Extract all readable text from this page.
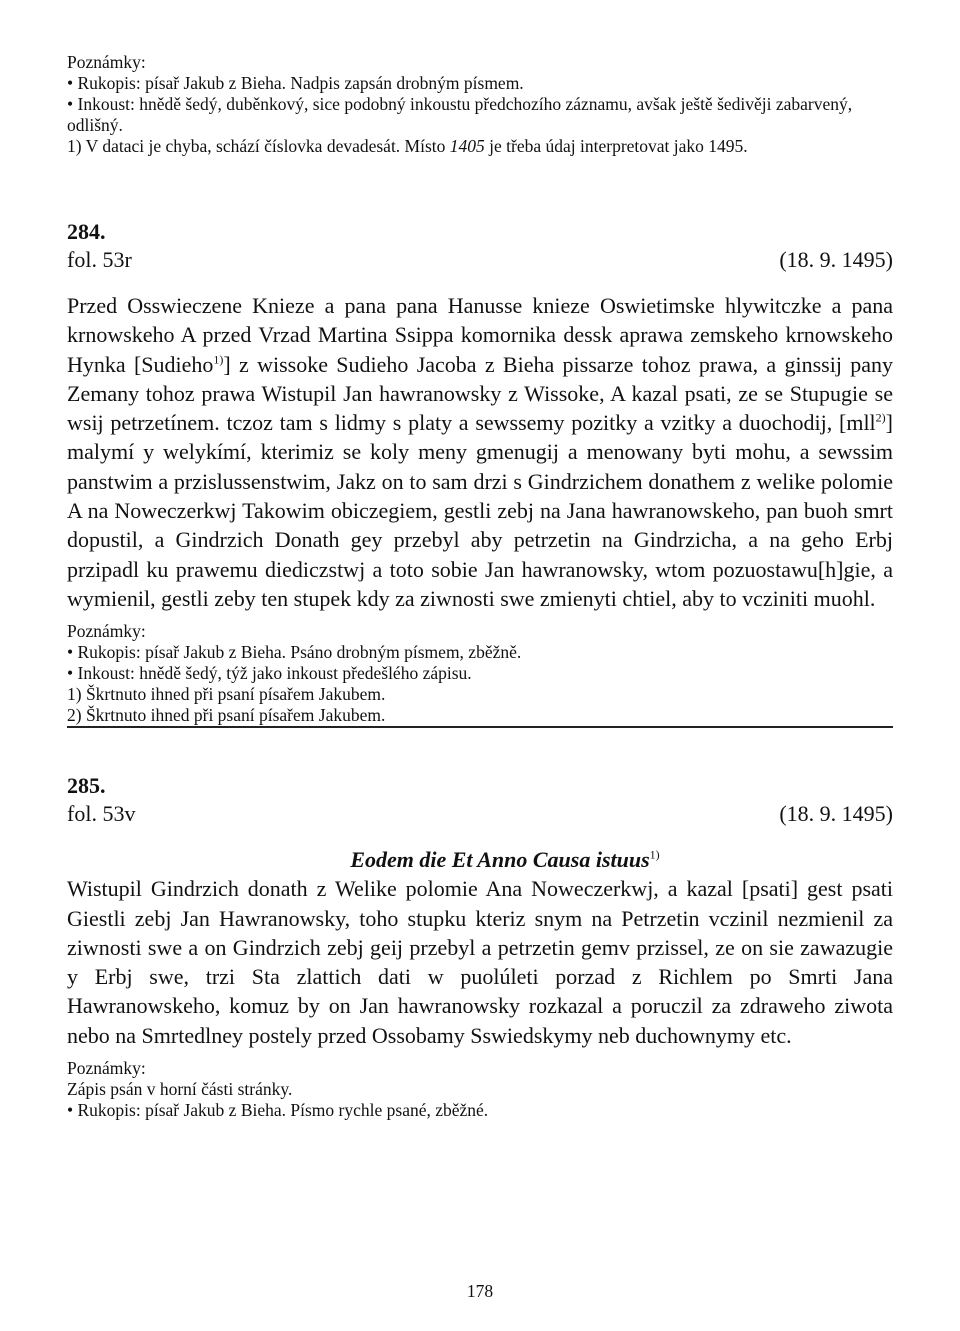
Poznámky:

• Rukopis: písař Jakub z Bieha. Nadpis zapsán drobným písmem.

• Inkoust: hnědě šedý, duběnkový, sice podobný inkoustu předchozího záznamu, avšak ještě šedivěji zabarvený, odlišný.

1) V dataci je chyba, schází číslovka devadesát. Místo 1405 je třeba údaj interpretovat jako 1495.

284.

fol. 53r	(18. 9. 1495)

Przed Osswieczene Knieze a pana pana Hanusse knieze Oswietimske hlywitczke a pana krnowskeho A przed Vrzad Martina Ssippa komornika dessk aprawa zemskeho krnowskeho Hynka [Sudieho$^{1)}$] z wissoke Sudieho Jacoba z Bieha pissarze tohoz prawa, a ginssij pany Zemany tohoz prawa Wistupil Jan hawranowsky z Wissoke, A kazal psati, ze se Stupugie se wsij petrzetínem. tczoz tam s lidmy s platy a sewssemy pozitky a vzitky a duochodij, [mll$^{2)}$] malymí y welykímí, kterimiz se koly meny gmenugij a menowany byti mohu, a sewssim panstwim a przislussenstwim, Jakz on to sam drzi s Gindrzichem donathem z welike polomie A na Noweczerkwj Takowim obiczegiem, gestli zebj na Jana hawranowskeho, pan buoh smrt dopustil, a Gindrzich Donath gey przebyl aby petrzetin na Gindrzicha, a na geho Erbj przipadl ku prawemu diediczstwj a toto sobie Jan hawranowsky, wtom pozuostawu[h]gie, a wymienil, gestli zeby ten stupek kdy za ziwnosti swe zmienyti chtiel, aby to vcziniti muohl.

Poznámky:

• Rukopis: písař Jakub z Bieha. Psáno drobným písmem, zběžně.

• Inkoust: hnědě šedý, týž jako inkoust předešlého zápisu.

1) Škrtnuto ihned při psaní písařem Jakubem.

2) Škrtnuto ihned při psaní písařem Jakubem.

285.

fol. 53v	(18. 9. 1495)

Eodem die Et Anno Causa istuus$^{1)}$

Wistupil Gindrzich donath z Welike polomie Ana Noweczerkwj, a kazal [psati] gest psati Giestli zebj Jan Hawranowsky, toho stupku kteriz snym na Petrzetin vczinil nezmienil za ziwnosti swe a on Gindrzich zebj geij przebyl a petrzetin gemv przissel, ze on sie zawazugie y Erbj swe, trzi Sta zlattich dati w puolúleti porzad z Richlem po Smrti Jana Hawranowskeho, komuz by on Jan hawranowsky rozkazal a poruczil za zdraweho ziwota nebo na Smrtedlney postely przed Ossobamy Sswiedskymy neb duchownymy etc.

Poznámky:

Zápis psán v horní části stránky.

• Rukopis: písař Jakub z Bieha. Písmo rychle psané, zběžné.

178
